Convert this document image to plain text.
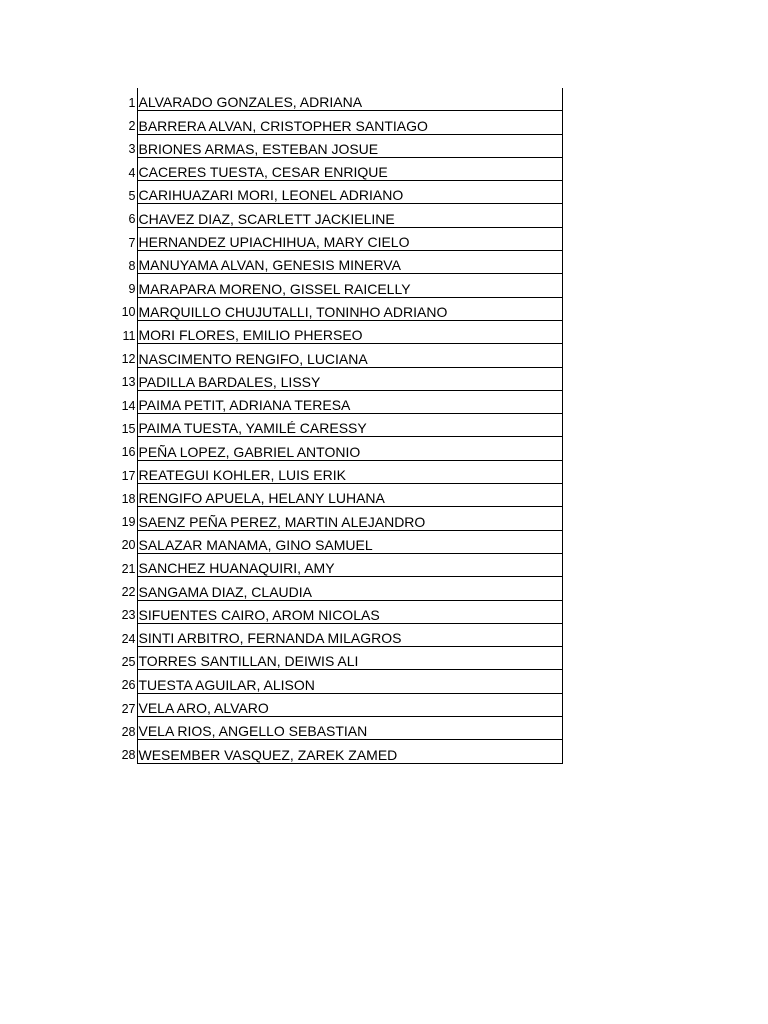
1	ALVARADO GONZALES, ADRIANA
2	BARRERA ALVAN, CRISTOPHER SANTIAGO
3	BRIONES ARMAS, ESTEBAN JOSUE
4	CACERES TUESTA, CESAR ENRIQUE
5	CARIHUAZARI MORI, LEONEL ADRIANO
6	CHAVEZ DIAZ, SCARLETT JACKIELINE
7	HERNANDEZ UPIACHIHUA, MARY CIELO
8	MANUYAMA ALVAN, GENESIS MINERVA
9	MARAPARA MORENO, GISSEL RAICELLY
10	MARQUILLO CHUJUTALLI, TONINHO ADRIANO
11	MORI FLORES, EMILIO PHERSEO
12	NASCIMENTO RENGIFO, LUCIANA
13	PADILLA BARDALES, LISSY
14	PAIMA PETIT, ADRIANA TERESA
15	PAIMA TUESTA, YAMILÉ CARESSY
16	PEÑA LOPEZ, GABRIEL ANTONIO
17	REATEGUI KOHLER, LUIS ERIK
18	RENGIFO APUELA, HELANY LUHANA
19	SAENZ PEÑA PEREZ, MARTIN ALEJANDRO
20	SALAZAR MANAMA, GINO SAMUEL
21	SANCHEZ HUANAQUIRI, AMY
22	SANGAMA DIAZ, CLAUDIA
23	SIFUENTES CAIRO, AROM NICOLAS
24	SINTI ARBITRO, FERNANDA MILAGROS
25	TORRES SANTILLAN, DEIWIS ALI
26	TUESTA AGUILAR, ALISON
27	VELA ARO, ALVARO
28	VELA RIOS, ANGELLO SEBASTIAN
28	WESEMBER VASQUEZ, ZAREK ZAMED
